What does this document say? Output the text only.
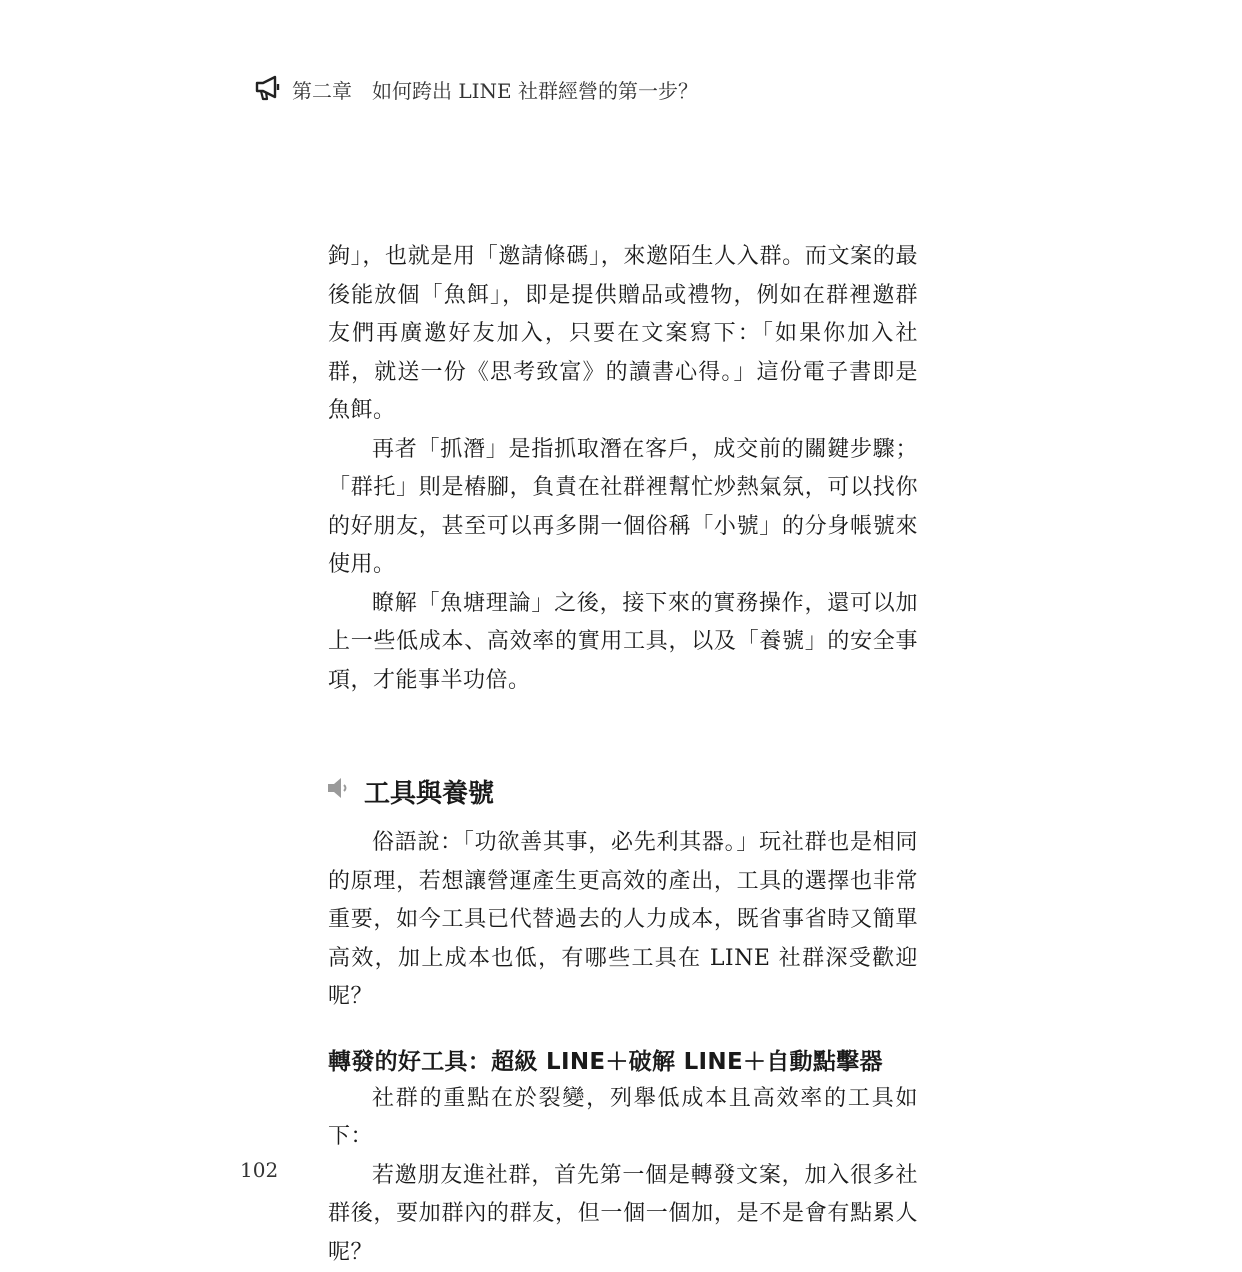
第二章　如何跨出 LINE 社群經營的第一步？

鉤」，也就是用「邀請條碼」，來邀陌生人入群。而文案的最後能放個「魚餌」，即是提供贈品或禮物，例如在群裡邀群友們再廣邀好友加入，只要在文案寫下：「如果你加入社群，就送一份《思考致富》的讀書心得。」這份電子書即是魚餌。

再者「抓潛」是指抓取潛在客戶，成交前的關鍵步驟；「群托」則是樁腳，負責在社群裡幫忙炒熱氣氛，可以找你的好朋友，甚至可以再多開一個俗稱「小號」的分身帳號來使用。

瞭解「魚塘理論」之後，接下來的實務操作，還可以加上一些低成本、高效率的實用工具，以及「養號」的安全事項，才能事半功倍。

工具與養號

俗語說：「功欲善其事，必先利其器。」玩社群也是相同的原理，若想讓營運產生更高效的產出，工具的選擇也非常重要，如今工具已代替過去的人力成本，既省事省時又簡單高效，加上成本也低，有哪些工具在 LINE 社群深受歡迎呢？

轉發的好工具：超級 LINE＋破解 LINE＋自動點擊器

社群的重點在於裂變，列舉低成本且高效率的工具如下：

若邀朋友進社群，首先第一個是轉發文案，加入很多社群後，要加群內的群友，但一個一個加，是不是會有點累人呢？

102
